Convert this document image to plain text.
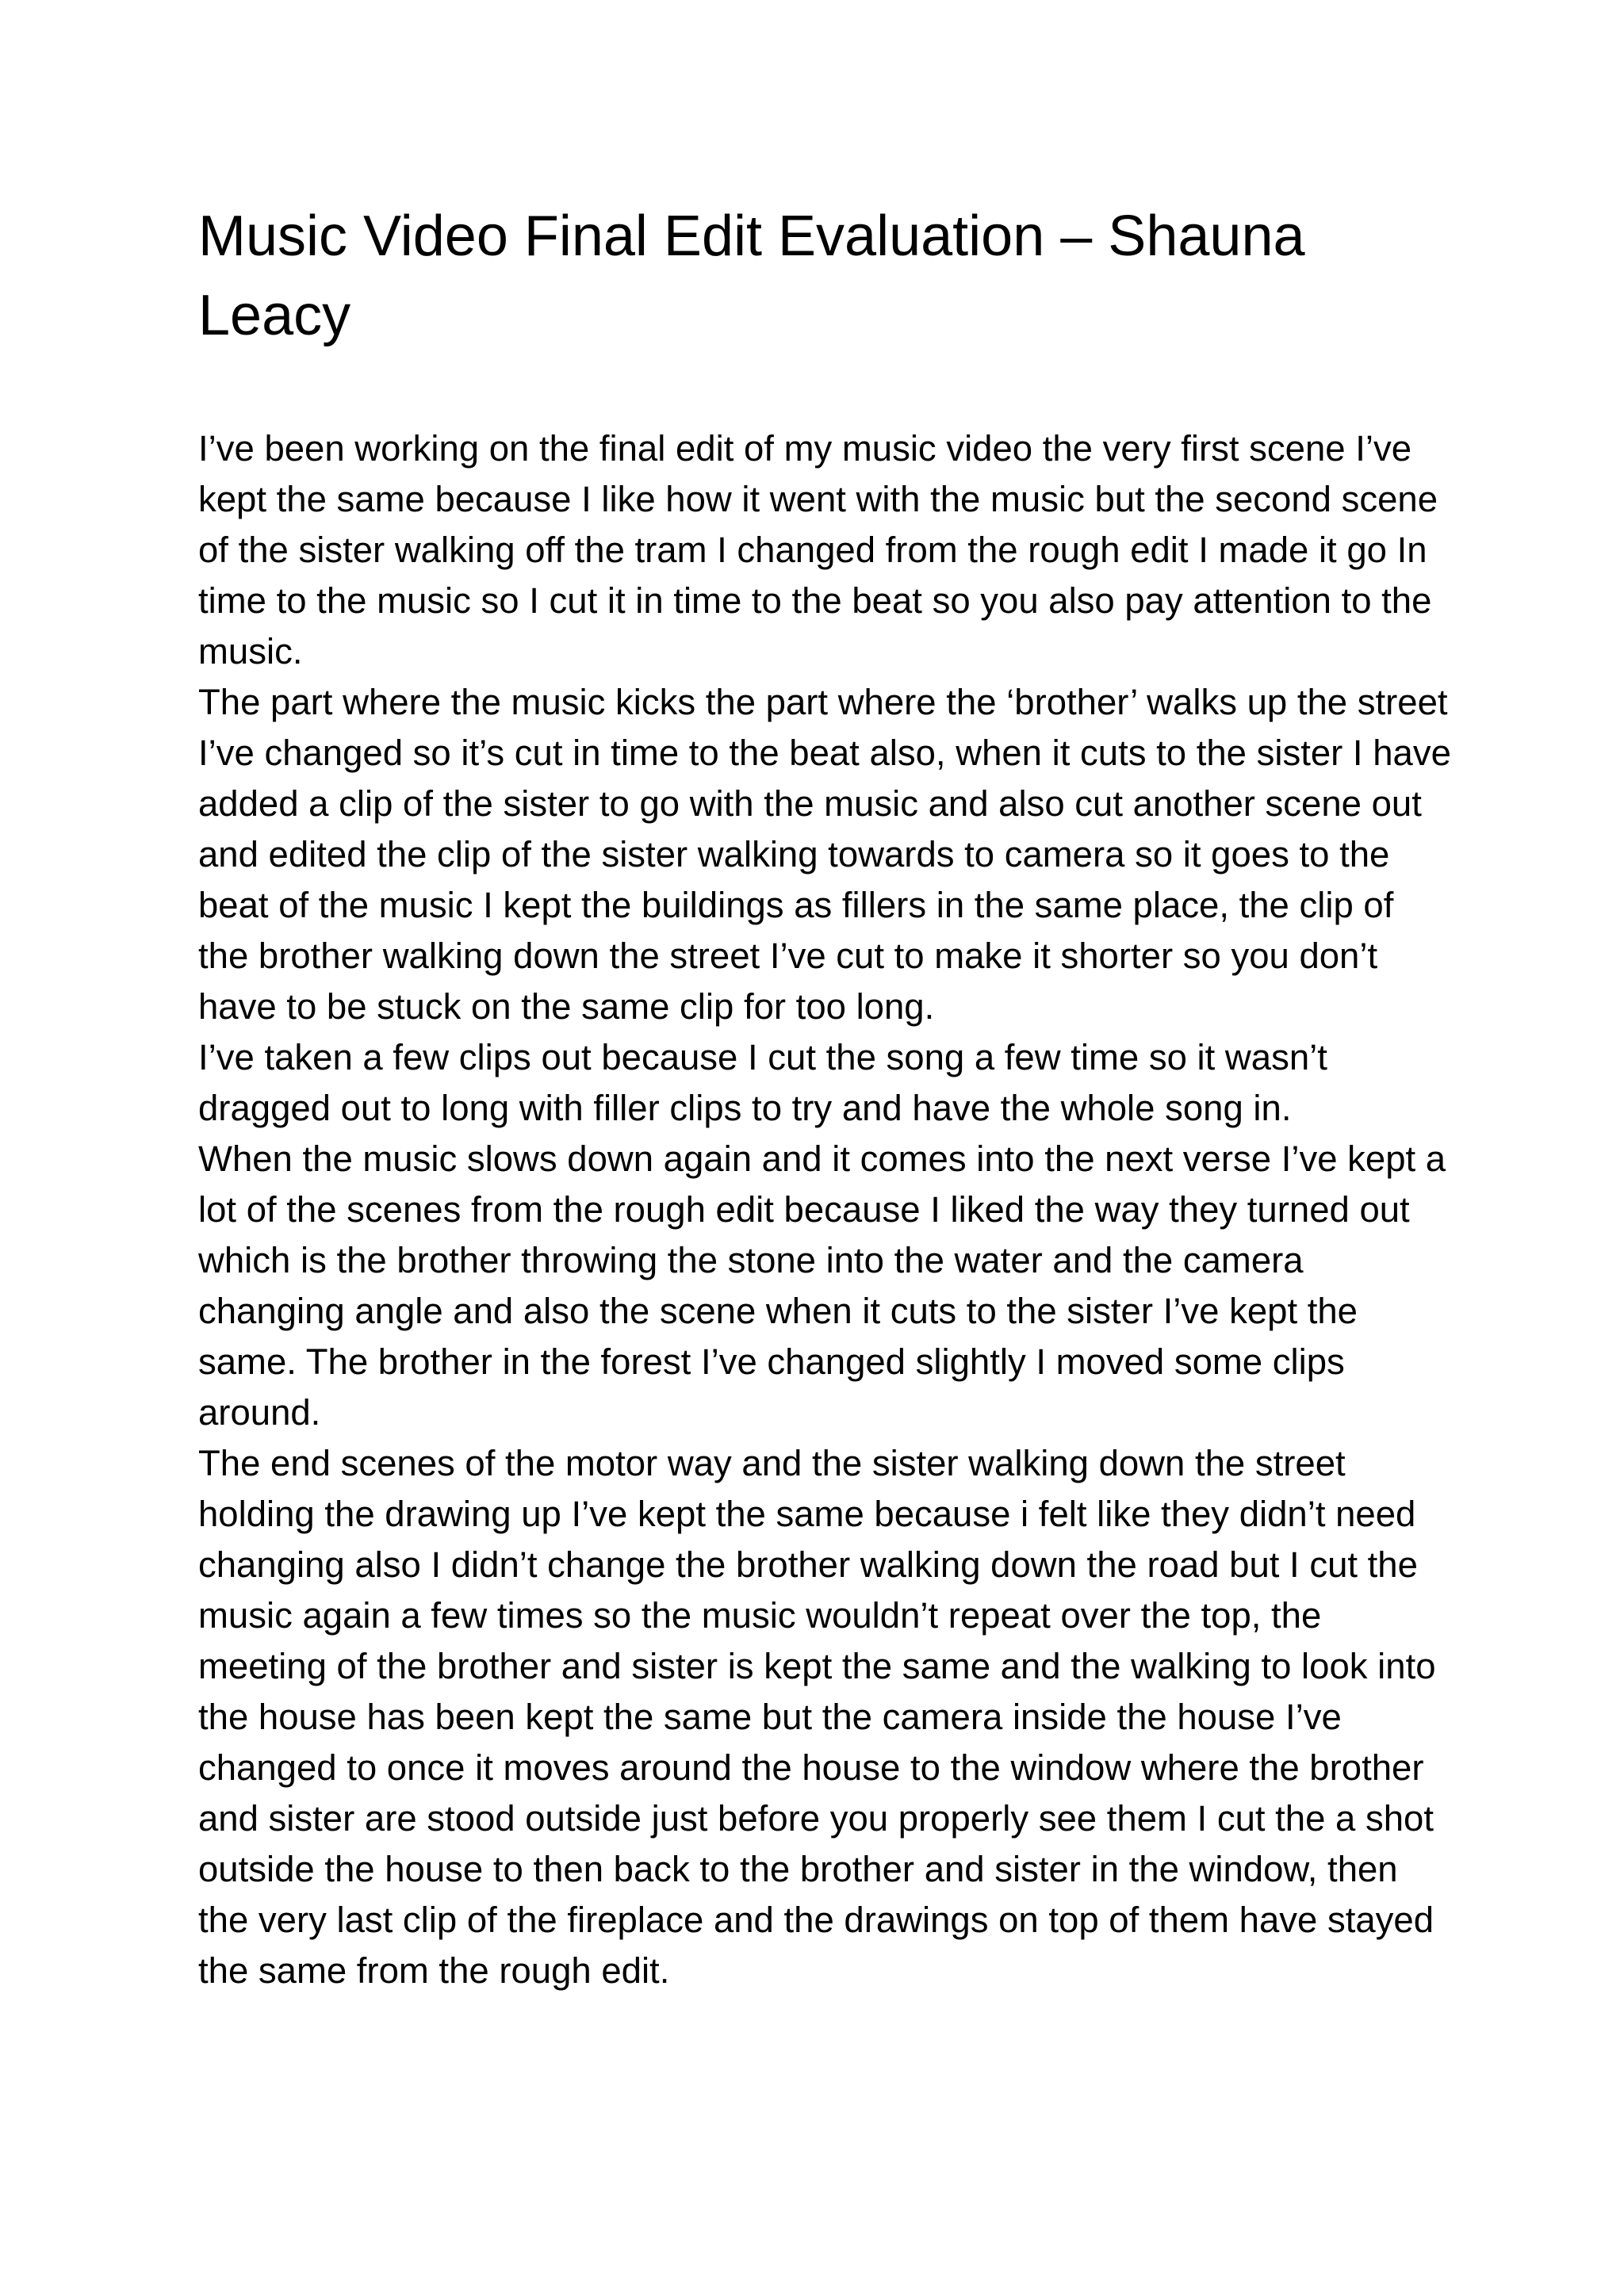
Music Video Final Edit Evaluation – Shauna Leacy

I’ve been working on the final edit of my music video the very first scene I’ve kept the same because I like how it went with the music but the second scene of the sister walking off the tram I changed from the rough edit I made it go In time to the music so I cut it in time to the beat so you also pay attention to the music.

The part where the music kicks the part where the ‘brother’ walks up the street I’ve changed so it’s cut in time to the beat also, when it cuts to the sister I have added a clip of the sister to go with the music and also cut another scene out and edited the clip of the sister walking towards to camera so it goes to the beat of the music I kept the buildings as fillers in the same place, the clip of the brother walking down the street I’ve cut to make it shorter so you don’t have to be stuck on the same clip for too long.

I’ve taken a few clips out because I cut the song a few time so it wasn’t dragged out to long with filler clips to try and have the whole song in.

When the music slows down again and it comes into the next verse I’ve kept a lot of the scenes from the rough edit because I liked the way they turned out which is the brother throwing the stone into the water and the camera changing angle and also the scene when it cuts to the sister I’ve kept the same. The brother in the forest I’ve changed slightly I moved some clips around.

The end scenes of the motor way and the sister walking down the street holding the drawing up I’ve kept the same because i felt like they didn’t need changing also I didn’t change the brother walking down the road but I cut the music again a few times so the music wouldn’t repeat over the top, the meeting of the brother and sister is kept the same and the walking to look into the house has been kept the same but the camera inside the house I’ve changed to once it moves around the house to the window where the brother and sister are stood outside just before you properly see them I cut the a shot outside the house to then back to the brother and sister in the window, then the very last clip of the fireplace and the drawings on top of them have stayed the same from the rough edit.
